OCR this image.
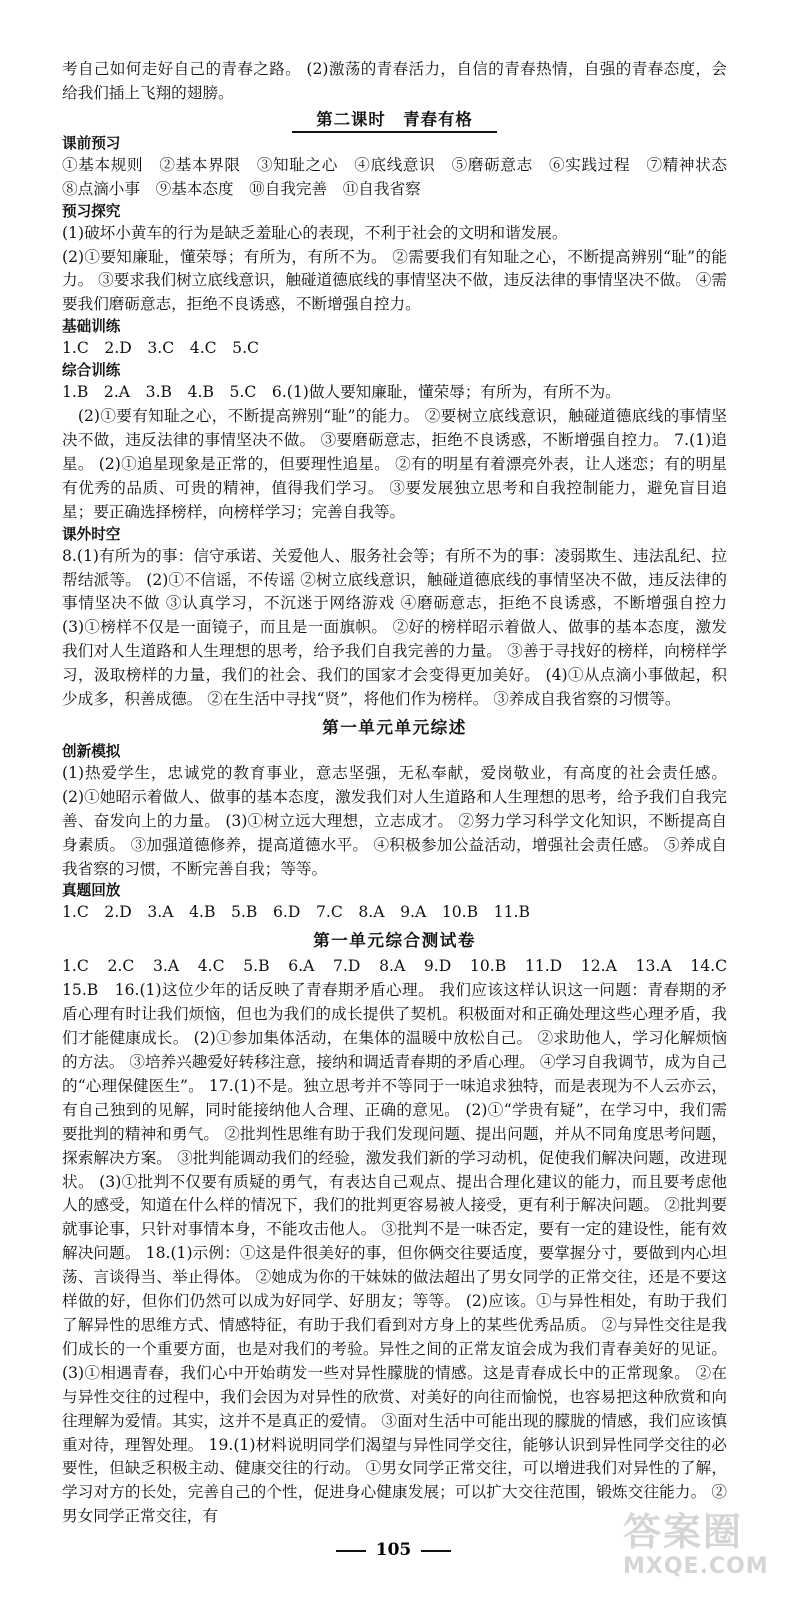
考自己如何走好自己的青春之路。 (2)激荡的青春活力，自信的青春热情，自强的青春态度，会给我们插上飞翔的翅膀。

第二课时　青春有格

课前预习

①基本规则　②基本界限　③知耻之心　④底线意识　⑤磨砺意志　⑥实践过程　⑦精神状态　⑧点滴小事　⑨基本态度　⑩自我完善　⑪自我省察

预习探究

(1)破坏小黄车的行为是缺乏羞耻心的表现，不利于社会的文明和谐发展。

(2)①要知廉耻，懂荣辱；有所为，有所不为。 ②需要我们有知耻之心，不断提高辨别“耻”的能力。 ③要求我们树立底线意识，触碰道德底线的事情坚决不做，违反法律的事情坚决不做。 ④需要我们磨砺意志，拒绝不良诱惑，不断增强自控力。

基础训练

1.C　2.D　3.C　4.C　5.C

综合训练

1.B　2.A　3.B　4.B　5.C　6.(1)做人要知廉耻，懂荣辱；有所为，有所不为。

　(2)①要有知耻之心，不断提高辨别“耻”的能力。 ②要树立底线意识，触碰道德底线的事情坚决不做，违反法律的事情坚决不做。 ③要磨砺意志，拒绝不良诱惑，不断增强自控力。 7.(1)追星。 (2)①追星现象是正常的，但要理性追星。 ②有的明星有着漂亮外表，让人迷恋；有的明星有优秀的品质、可贵的精神，值得我们学习。 ③要发展独立思考和自我控制能力，避免盲目追星；要正确选择榜样，向榜样学习；完善自我等。

课外时空

8.(1)有所为的事：信守承诺、关爱他人、服务社会等；有所不为的事：凌弱欺生、违法乱纪、拉帮结派等。 (2)①不信谣，不传谣 ②树立底线意识，触碰道德底线的事情坚决不做，违反法律的事情坚决不做 ③认真学习，不沉迷于网络游戏 ④磨砺意志，拒绝不良诱惑，不断增强自控力 (3)①榜样不仅是一面镜子，而且是一面旗帜。 ②好的榜样昭示着做人、做事的基本态度，激发我们对人生道路和人生理想的思考，给予我们自我完善的力量。 ③善于寻找好的榜样，向榜样学习，汲取榜样的力量，我们的社会、我们的国家才会变得更加美好。 (4)①从点滴小事做起，积少成多，积善成德。 ②在生活中寻找“贤”，将他们作为榜样。 ③养成自我省察的习惯等。

第一单元单元综述

创新模拟

(1)热爱学生，忠诚党的教育事业，意志坚强，无私奉献，爱岗敬业，有高度的社会责任感。 (2)①她昭示着做人、做事的基本态度，激发我们对人生道路和人生理想的思考，给予我们自我完善、奋发向上的力量。 (3)①树立远大理想，立志成才。 ②努力学习科学文化知识，不断提高自身素质。 ③加强道德修养，提高道德水平。 ④积极参加公益活动，增强社会责任感。 ⑤养成自我省察的习惯，不断完善自我；等等。

真题回放

1.C　2.D　3.A　4.B　5.B　6.D　7.C　8.A　9.A　10.B　11.B

第一单元综合测试卷

1.C　2.C　3.A　4.C　5.B　6.A　7.D　8.A　9.D　10.B　11.D　12.A　13.A　14.C　15.B　16.(1)这位少年的话反映了青春期矛盾心理。 我们应该这样认识这一问题：青春期的矛盾心理有时让我们烦恼，但也为我们的成长提供了契机。积极面对和正确处理这些心理矛盾，我们才能健康成长。 (2)①参加集体活动，在集体的温暖中放松自己。 ②求助他人，学习化解烦恼的方法。 ③培养兴趣爱好转移注意，接纳和调适青春期的矛盾心理。 ④学习自我调节，成为自己的“心理保健医生”。 17.(1)不是。独立思考并不等同于一味追求独特，而是表现为不人云亦云，有自己独到的见解，同时能接纳他人合理、正确的意见。 (2)①“学贵有疑”，在学习中，我们需要批判的精神和勇气。 ②批判性思维有助于我们发现问题、提出问题，并从不同角度思考问题，探索解决方案。 ③批判能调动我们的经验，激发我们新的学习动机，促使我们解决问题，改进现状。 (3)①批判不仅要有质疑的勇气，有表达自己观点、提出合理化建议的能力，而且要考虑他人的感受，知道在什么样的情况下，我们的批判更容易被人接受，更有利于解决问题。 ②批判要就事论事，只针对事情本身，不能攻击他人。 ③批判不是一味否定，要有一定的建设性，能有效解决问题。 18.(1)示例：①这是件很美好的事，但你俩交往要适度，要掌握分寸，要做到内心坦荡、言谈得当、举止得体。 ②她成为你的干妹妹的做法超出了男女同学的正常交往，还是不要这样做的好，但你们仍然可以成为好同学、好朋友；等等。 (2)应该。①与异性相处，有助于我们了解异性的思维方式、情感特征，有助于我们看到对方身上的某些优秀品质。 ②与异性交往是我们成长的一个重要方面，也是对我们的考验。异性之间的正常友谊会成为我们青春美好的见证。 (3)①相遇青春，我们心中开始萌发一些对异性朦胧的情感。这是青春成长中的正常现象。 ②在与异性交往的过程中，我们会因为对异性的欣赏、对美好的向往而愉悦，也容易把这种欣赏和向往理解为爱情。其实，这并不是真正的爱情。 ③面对生活中可能出现的朦胧的情感，我们应该慎重对待，理智处理。 19.(1)材料说明同学们渴望与异性同学交往，能够认识到异性同学交往的必要性，但缺乏积极主动、健康交往的行动。 ①男女同学正常交往，可以增进我们对异性的了解，学习对方的长处，完善自己的个性，促进身心健康发展；可以扩大交往范围，锻炼交往能力。 ②男女同学正常交往，有

105	答案圈
MXQE.COM
